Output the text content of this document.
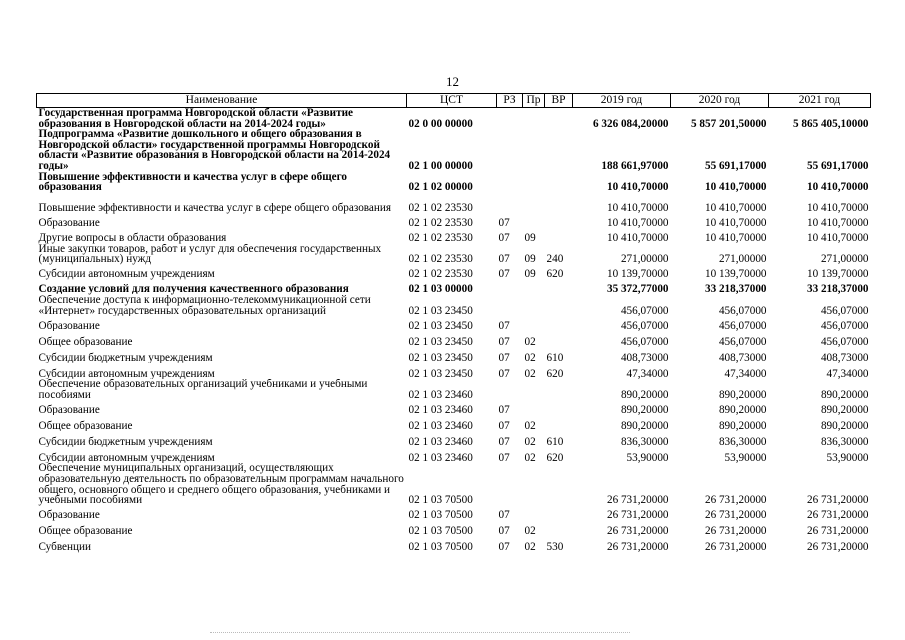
12
Наименование	ЦСТ	РЗ	Пр	ВР	2019 год	2020 год	2021 год
Государственная программа Новгородской области «Развитие образования в Новгородской области на 2014-2024 годы»	02 0 00 00000				6 326 084,20000	5 857 201,50000	5 865 405,10000
Подпрограмма «Развитие дошкольного и общего образования в Новгородской области» государственной программы Новгородской области «Развитие образования в Новгородской области на 2014-2024 годы»	02 1 00 00000				188 661,97000	55 691,17000	55 691,17000
Повышение эффективности и качества услуг в сфере общего образования	02 1 02 00000				10 410,70000	10 410,70000	10 410,70000
Повышение эффективности и качества услуг в сфере общего образования	02 1 02 23530				10 410,70000	10 410,70000	10 410,70000
Образование	02 1 02 23530	07			10 410,70000	10 410,70000	10 410,70000
Другие вопросы в области образования	02 1 02 23530	07	09		10 410,70000	10 410,70000	10 410,70000
Иные закупки товаров, работ и услуг для обеспечения государственных (муниципальных) нужд	02 1 02 23530	07	09	240	271,00000	271,00000	271,00000
Субсидии автономным учреждениям	02 1 02 23530	07	09	620	10 139,70000	10 139,70000	10 139,70000
Создание условий для получения качественного образования	02 1 03 00000				35 372,77000	33 218,37000	33 218,37000
Обеспечение доступа к информационно-телекоммуникационной сети «Интернет» государственных образовательных организаций	02 1 03 23450				456,07000	456,07000	456,07000
Образование	02 1 03 23450	07			456,07000	456,07000	456,07000
Общее образование	02 1 03 23450	07	02		456,07000	456,07000	456,07000
Субсидии бюджетным учреждениям	02 1 03 23450	07	02	610	408,73000	408,73000	408,73000
Субсидии автономным учреждениям	02 1 03 23450	07	02	620	47,34000	47,34000	47,34000
Обеспечение образовательных организаций учебниками и учебными пособиями	02 1 03 23460				890,20000	890,20000	890,20000
Образование	02 1 03 23460	07			890,20000	890,20000	890,20000
Общее образование	02 1 03 23460	07	02		890,20000	890,20000	890,20000
Субсидии бюджетным учреждениям	02 1 03 23460	07	02	610	836,30000	836,30000	836,30000
Субсидии автономным учреждениям	02 1 03 23460	07	02	620	53,90000	53,90000	53,90000
Обеспечение муниципальных организаций, осуществляющих образовательную деятельность по образовательным программам начального общего, основного общего и среднего общего образования, учебниками и учебными пособиями	02 1 03 70500				26 731,20000	26 731,20000	26 731,20000
Образование	02 1 03 70500	07			26 731,20000	26 731,20000	26 731,20000
Общее образование	02 1 03 70500	07	02		26 731,20000	26 731,20000	26 731,20000
Субвенции	02 1 03 70500	07	02	530	26 731,20000	26 731,20000	26 731,20000
